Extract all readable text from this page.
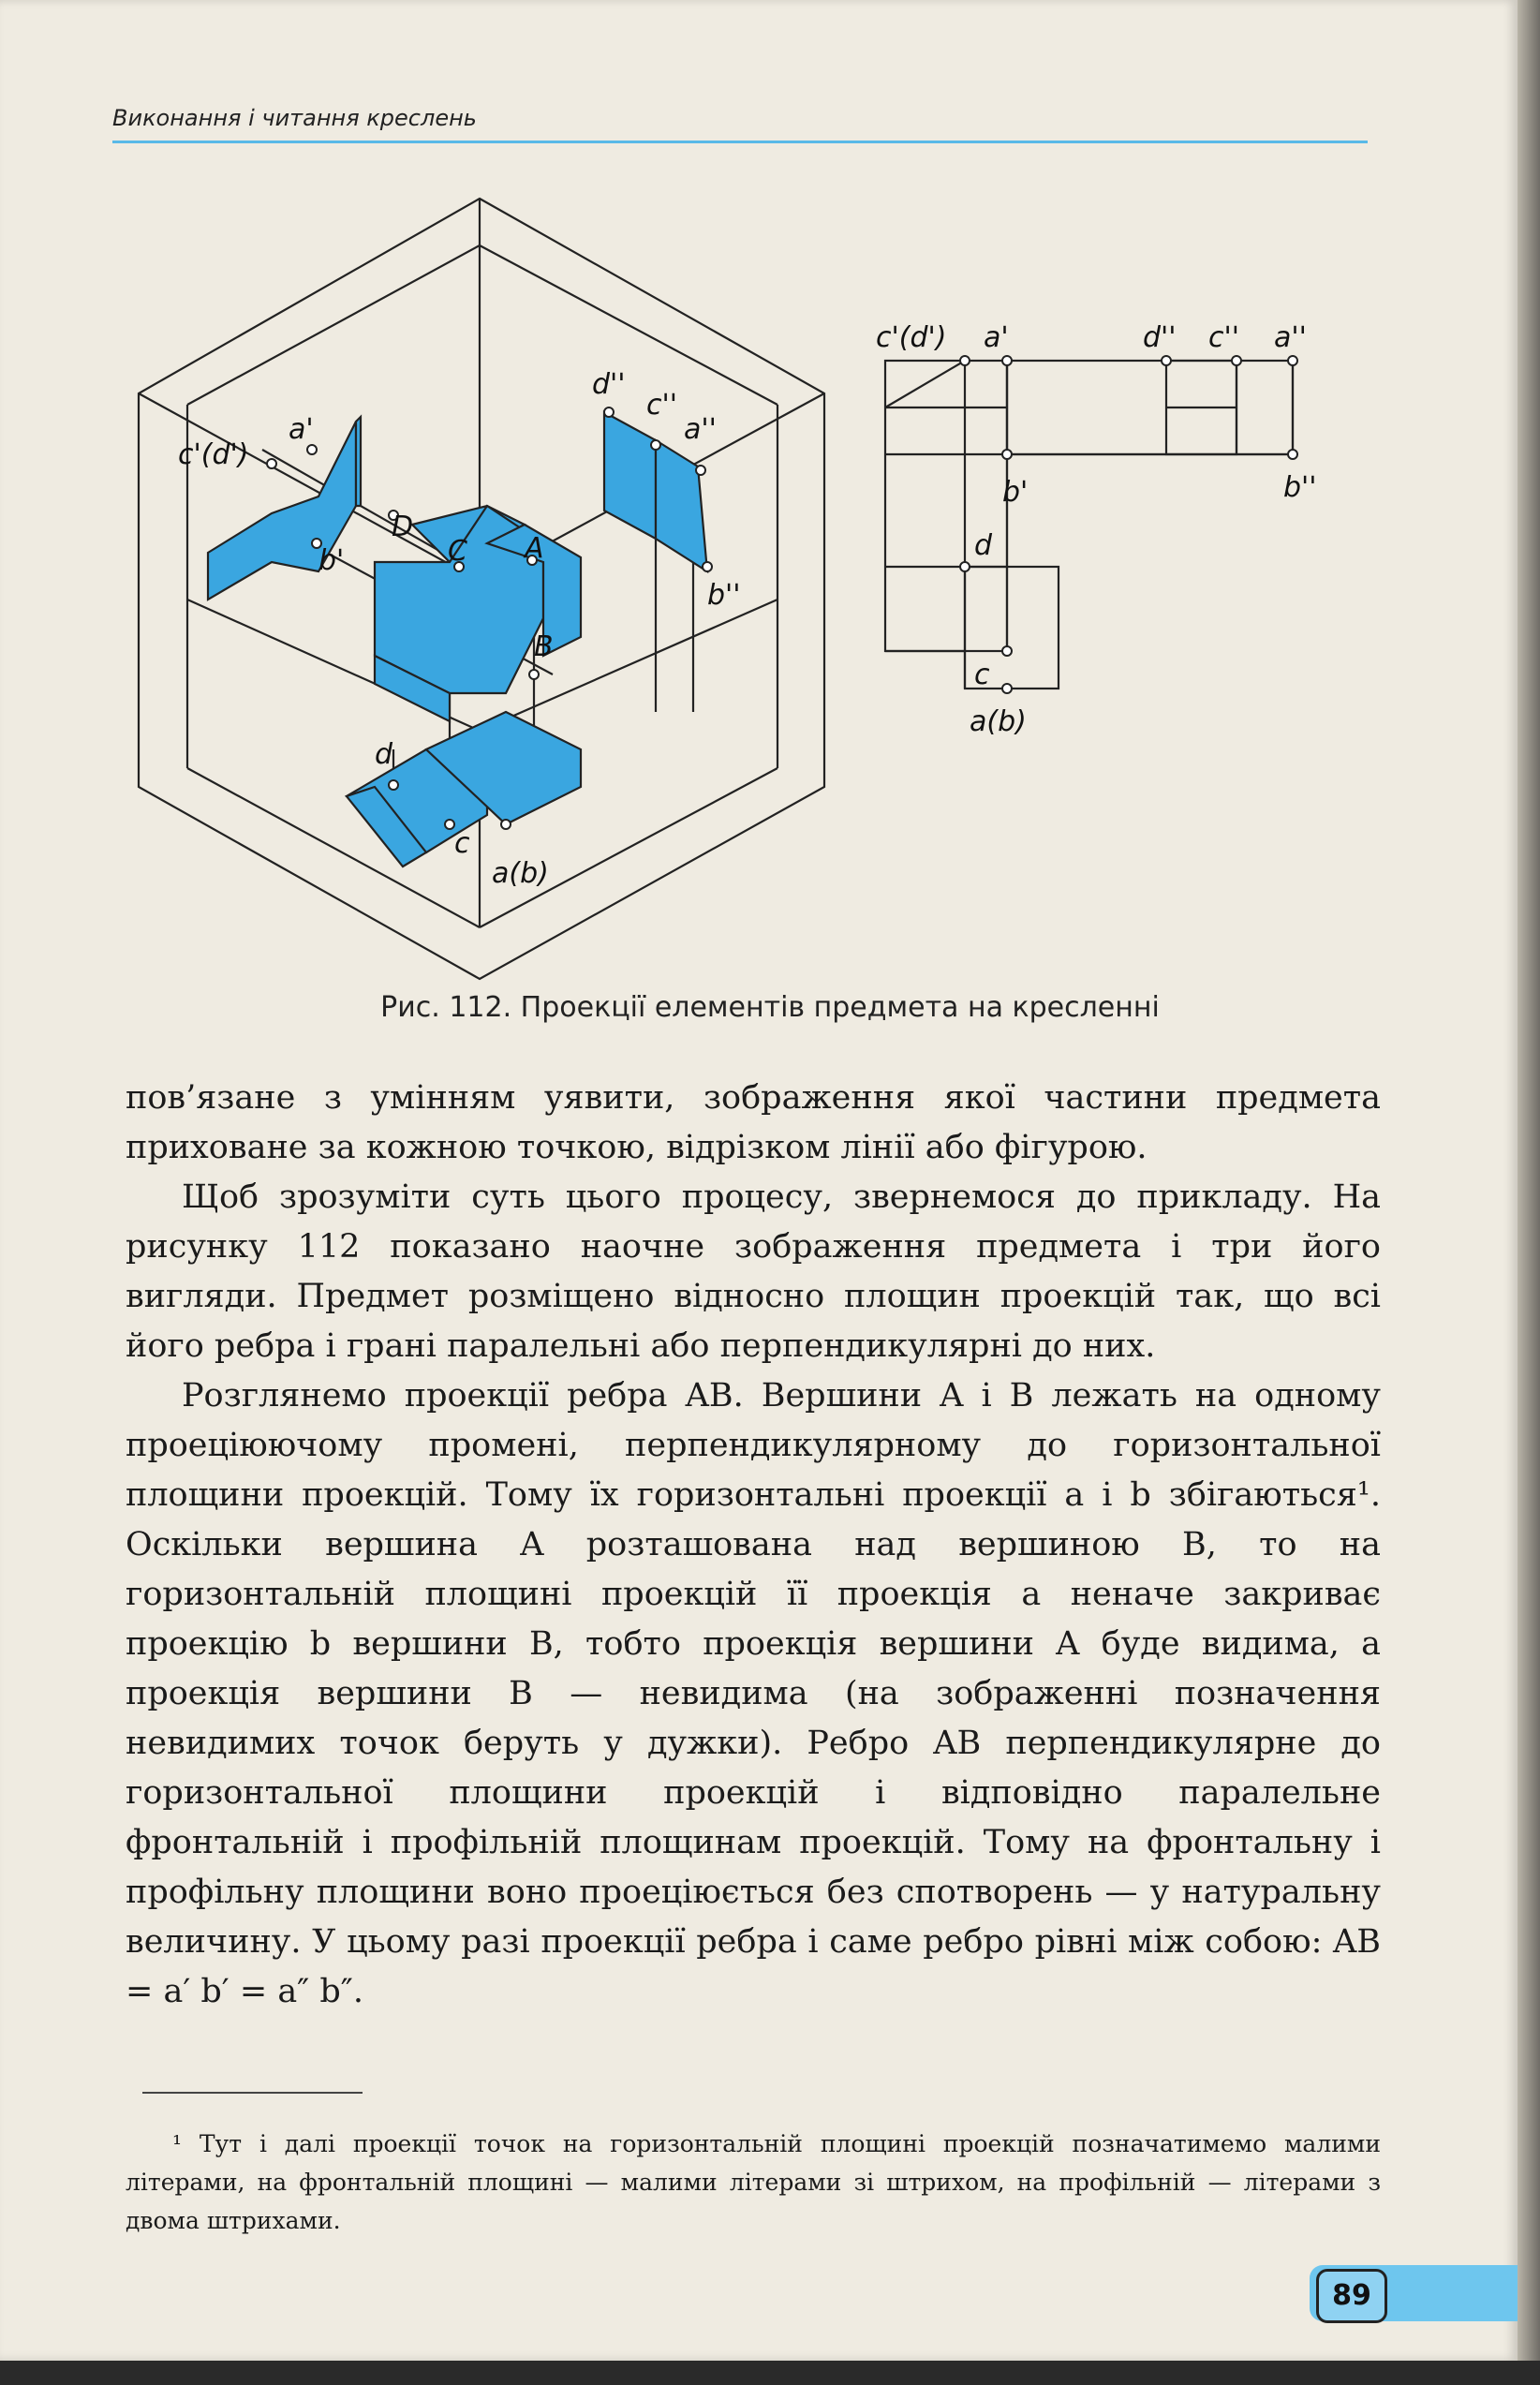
Виконання і читання креслень
c'(d')
a'
b'
D
C A
B
d''
c''
a''
b''
d
c
a(b)
c'(d') a'	d'' c'' a''
b'	b''
d
c
a(b)
Рис. 112. Проекції елементів предмета на кресленні

пов’язане з умінням уявити, зображення якої частини предмета приховане за кожною точкою, відрізком лінії або фігурою.

Щоб зрозуміти суть цього процесу, звернемося до прикладу. На рисунку 112 показано наочне зображення предмета і три його вигляди. Предмет розміщено відносно площин проекцій так, що всі його ребра і грані паралельні або перпендикулярні до них.

Розглянемо проекції ребра AB. Вершини A і B лежать на одному проеціюючому промені, перпендикулярному до горизонтальної площини проекцій. Тому їх горизонтальні проекції a і b збігаються¹. Оскільки вершина A розташована над вершиною B, то на горизонтальній площині проекцій її проекція a неначе закриває проекцію b вершини B, тобто проекція вершини A буде видима, а проекція вершини B — невидима (на зображенні позначення невидимих точок беруть у дужки). Ребро AB перпендикулярне до горизонтальної площини проекцій і відповідно паралельне фронтальній і профільній площинам проекцій. Тому на фронтальну і профільну площини воно проеціюється без спотворень — у натуральну величину. У цьому разі проекції ребра і саме ребро рівні між собою: AB = a′ b′ = a″ b″.

¹ Тут і далі проекції точок на горизонтальній площині проекцій позначатимемо малими літерами, на фронтальній площині — малими літерами зі штрихом, на профільній — літерами з двома штрихами.

89
